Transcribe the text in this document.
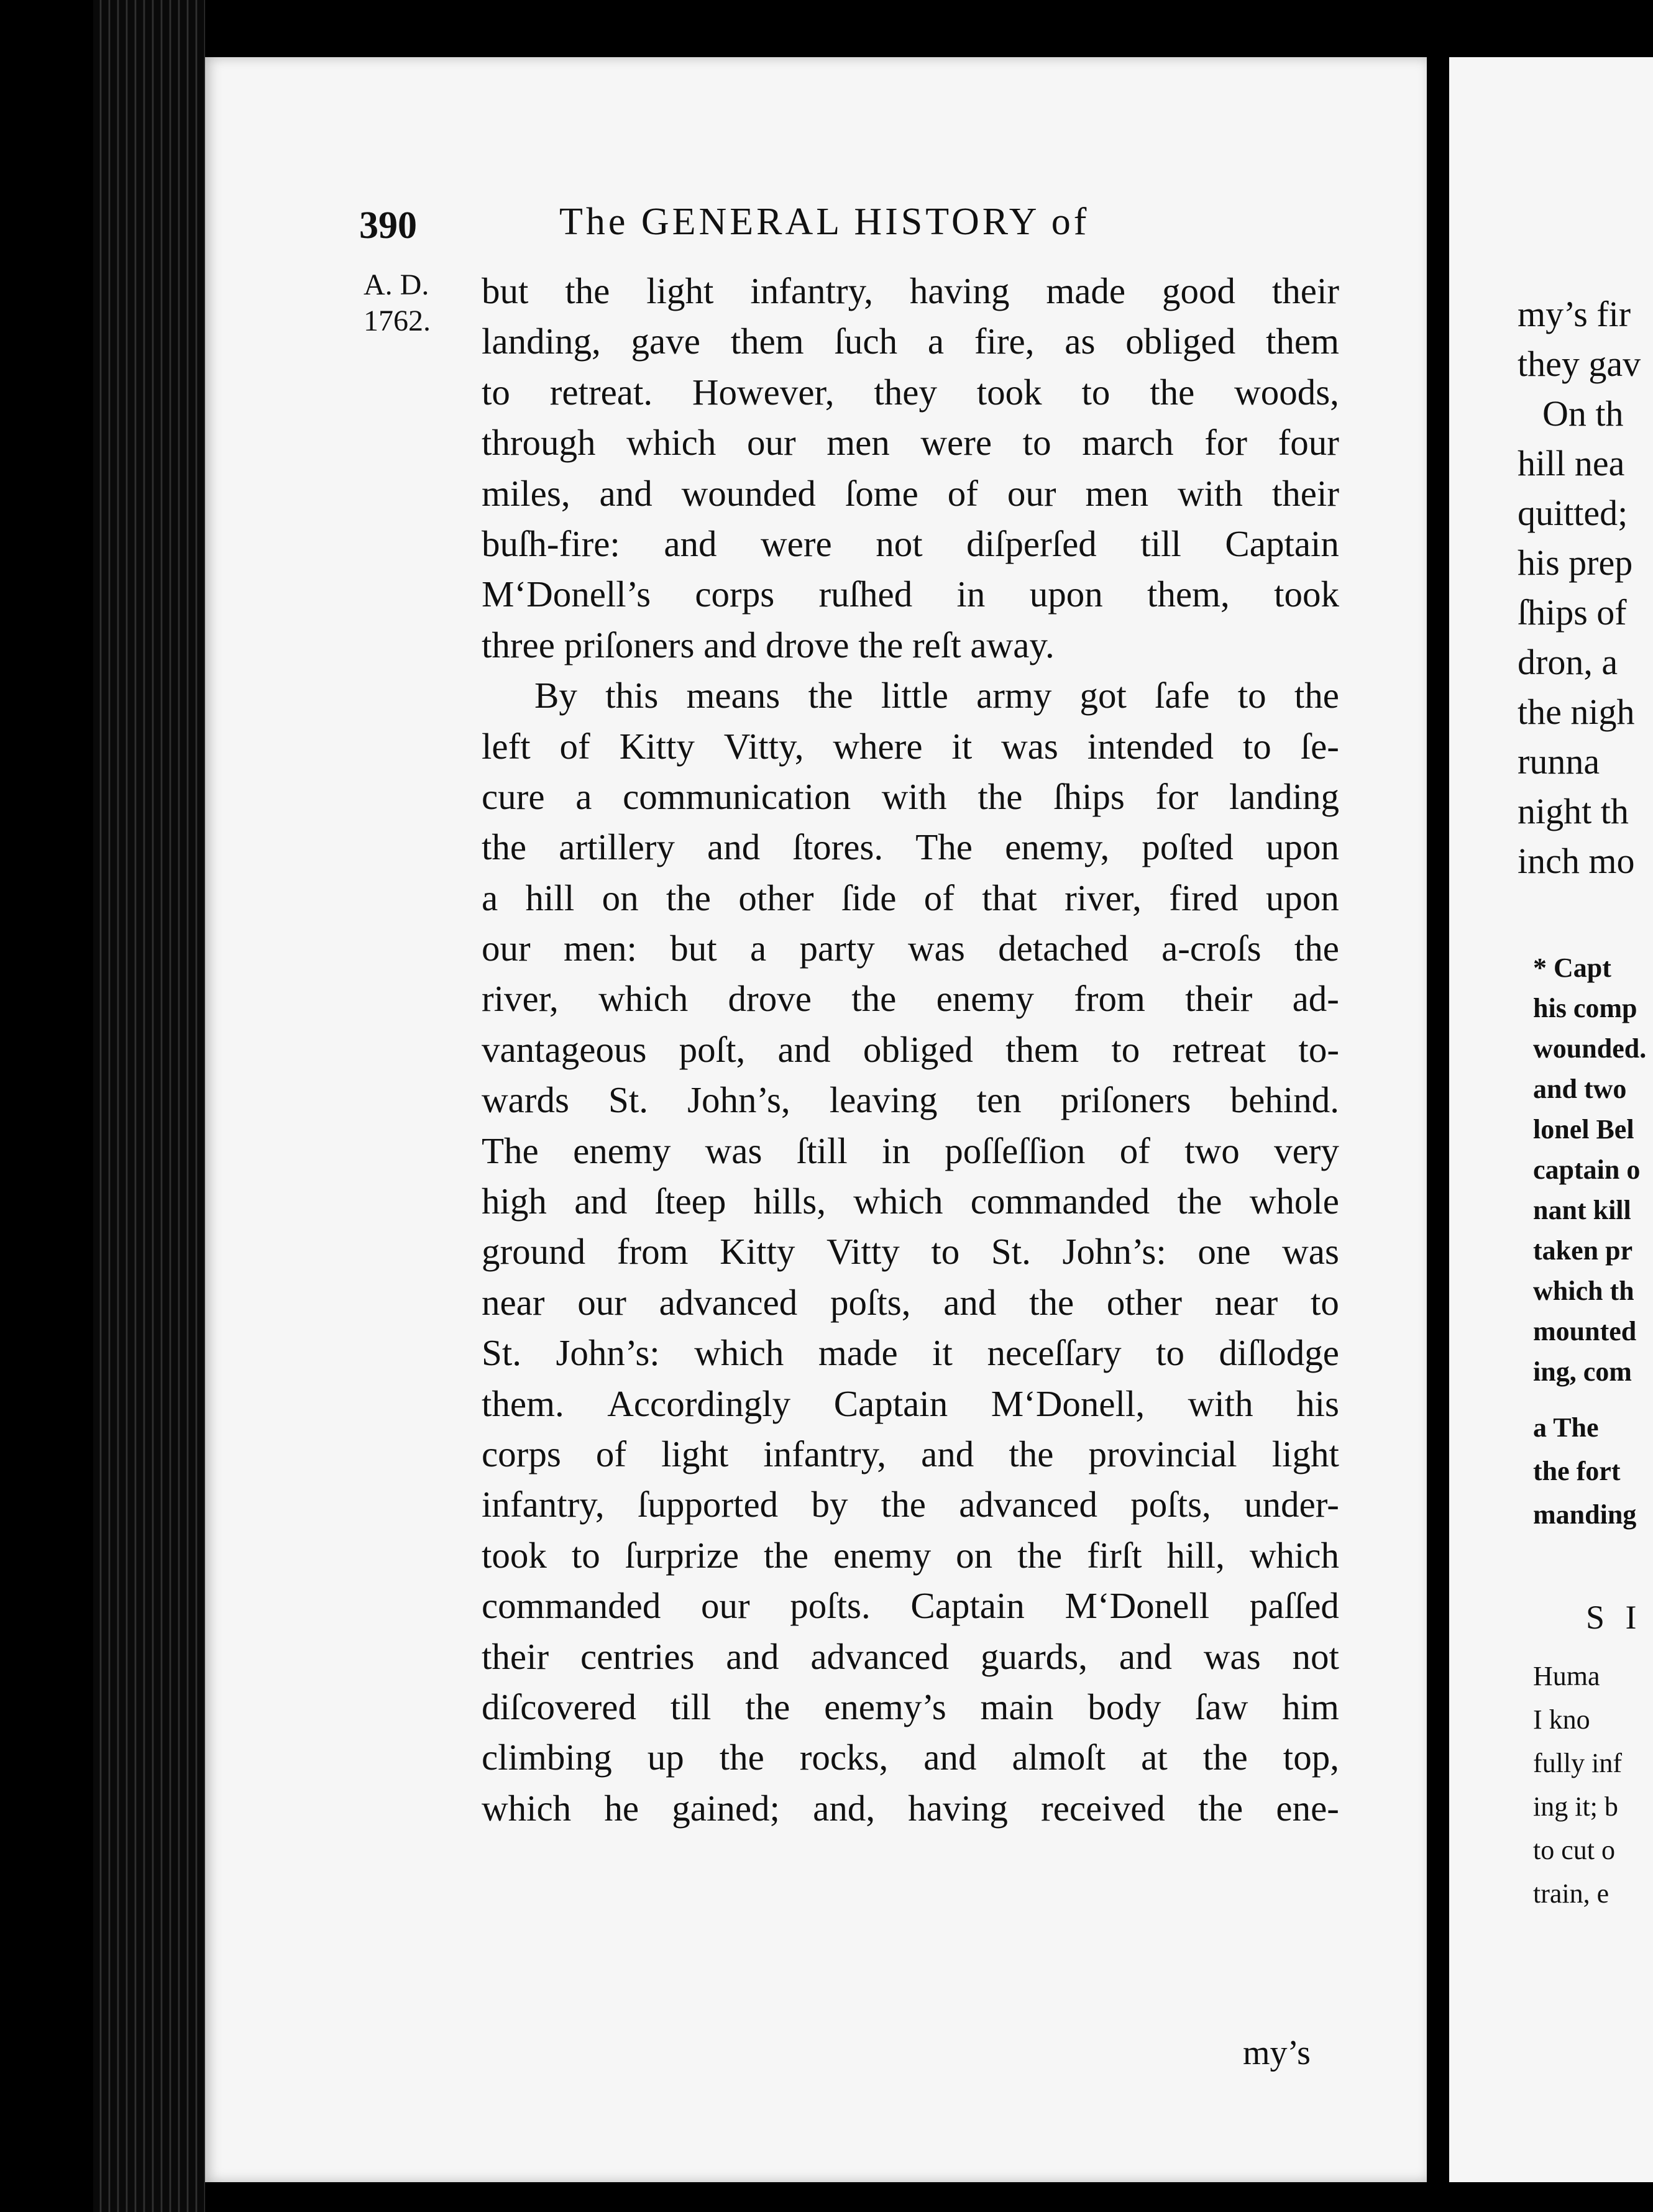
390	The GENERAL HISTORY of
A. D.
1762.
but the light infantry, having made good their
landing, gave them ſuch a fire, as obliged them
to retreat. However, they took to the woods,
through which our men were to march for four
miles, and wounded ſome of our men with their
buſh-fire: and were not diſperſed till Captain
M‘Donell’s corps ruſhed in upon them, took
three priſoners and drove the reſt away.
By this means the little army got ſafe to the
left of Kitty Vitty, where it was intended to ſe-
cure a communication with the ſhips for landing
the artillery and ſtores. The enemy, poſted upon
a hill on the other ſide of that river, fired upon
our men: but a party was detached a-croſs the
river, which drove the enemy from their ad-
vantageous poſt, and obliged them to retreat to-
wards St. John’s, leaving ten priſoners behind.
The enemy was ſtill in poſſeſſion of two very
high and ſteep hills, which commanded the whole
ground from Kitty Vitty to St. John’s: one was
near our advanced poſts, and the other near to
St. John’s: which made it neceſſary to diſlodge
them. Accordingly Captain M‘Donell, with his
corps of light infantry, and the provincial light
infantry, ſupported by the advanced poſts, under-
took to ſurprize the enemy on the firſt hill, which
commanded our poſts. Captain M‘Donell paſſed
their centries and advanced guards, and was not
diſcovered till the enemy’s main body ſaw him
climbing up the rocks, and almoſt at the top,
which he gained; and, having received the ene-
my’s
my’s fir
they gav
On th
hill nea
quitted;
his prep
ſhips of
dron, a
the nigh
runna
night th
inch mo
* Capt
his comp
wounded.
and two
lonel Bel
captain o
nant kill
taken pr
which th
mounted
ing, com
a The
the fort
manding
S I
Huma
I kno
fully inf
ing it; b
to cut o
train, e
